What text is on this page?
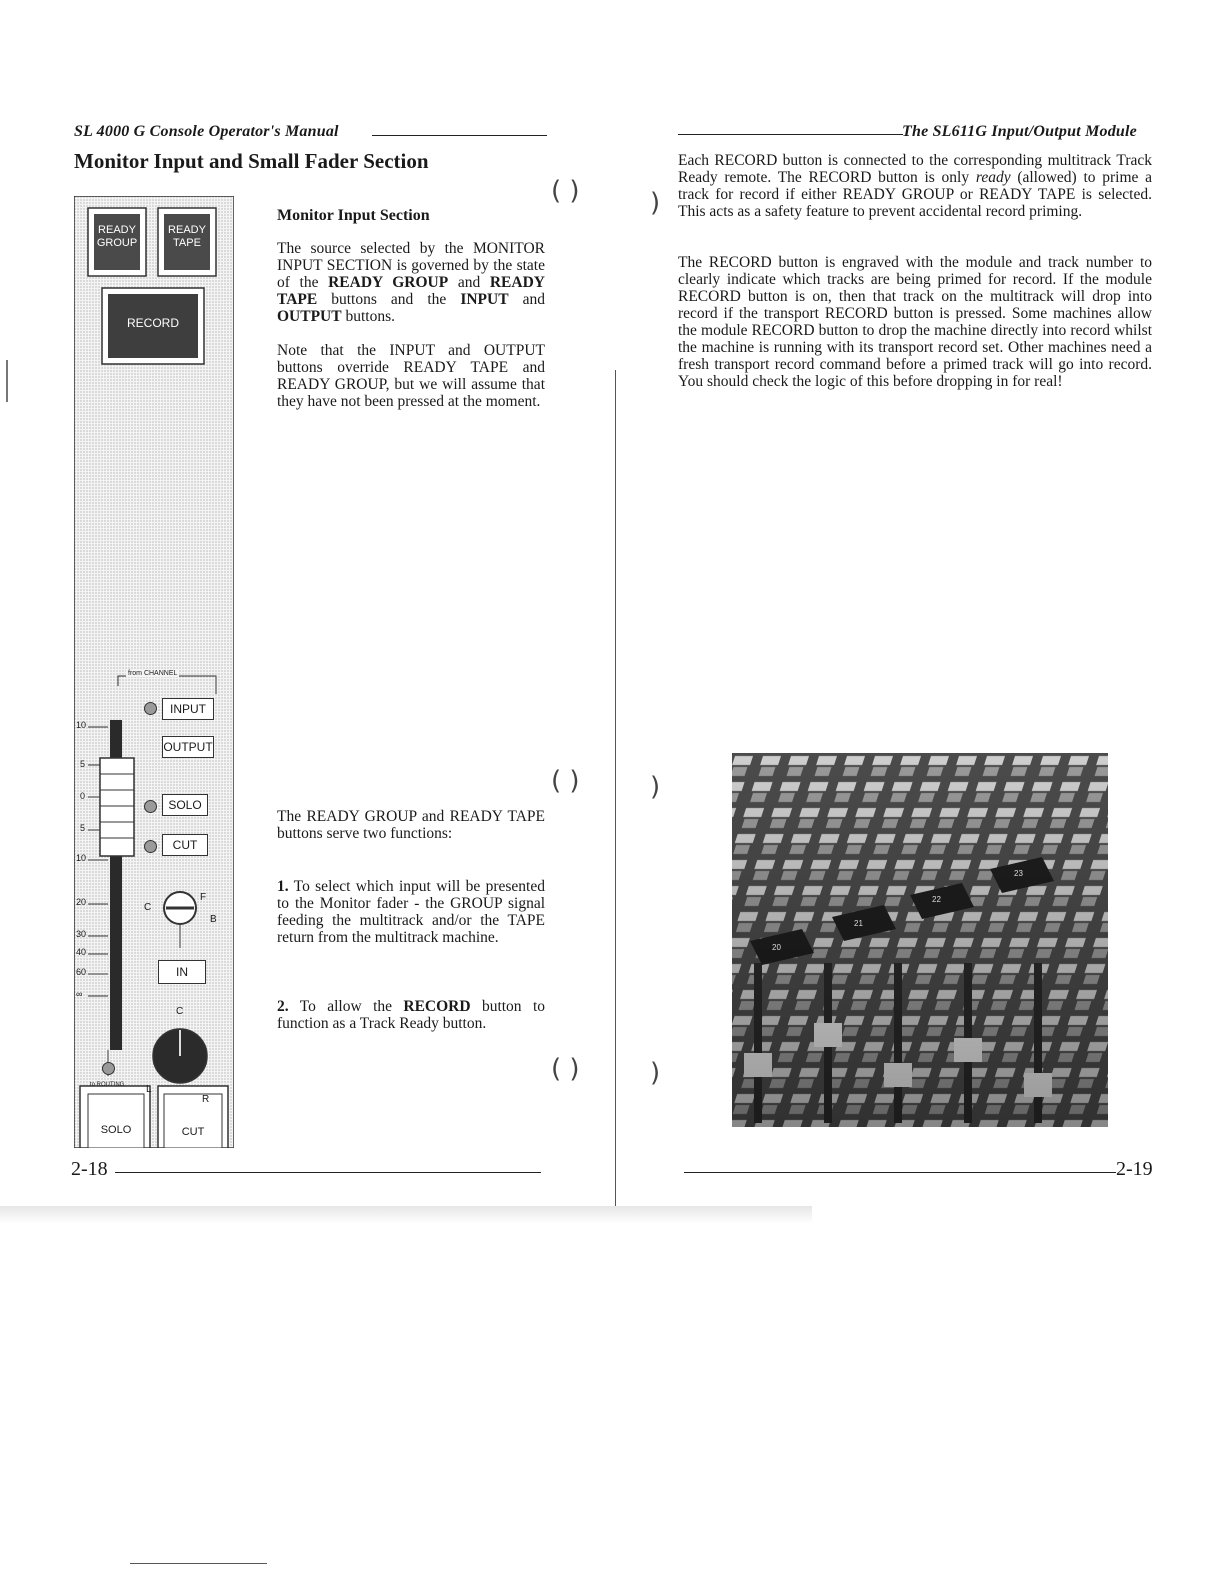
SL 4000 G Console Operator's Manual
Monitor Input and Small Fader Section
READY GROUP
READY TAPE
RECORD
from CHANNEL
INPUT
OUTPUT
SOLO
CUT
C
F
B
IN
C
L
R
to ROUTING
SOLO	CUT
10
5
0
5
10
20
30
40
60
∞
Monitor Input Section
The source selected by the MONITOR INPUT SECTION is governed by the state of the READY GROUP and READY TAPE buttons and the INPUT and OUTPUT buttons.
Note that the INPUT and OUTPUT buttons override READY TAPE and READY GROUP, but we will assume that they have not been pressed at the moment.
The READY GROUP and READY TAPE buttons serve two functions:
1. To select which input will be presented to the Monitor fader - the GROUP signal feeding the multitrack and/or the TAPE return from the multitrack machine.
2. To allow the RECORD button to function as a Track Ready button.
( )
( )
( )
2-18
The SL611G Input/Output Module
Each RECORD button is connected to the corresponding multitrack Track Ready remote. The RECORD button is only ready (allowed) to prime a track for record if either READY GROUP or READY TAPE is selected. This acts as a safety feature to prevent accidental record priming.
The RECORD button is engraved with the module and track number to clearly indicate which tracks are being primed for record. If the module RECORD button is on, then that track on the multitrack will drop into record if the transport RECORD button is pressed. Some machines allow the module RECORD button to drop the machine directly into record whilst the machine is running with its transport record set. Other machines need a fresh transport record command before a primed track will go into record. You should check the logic of this before dropping in for real!
)
)
)
20
21
22
23
2-19
